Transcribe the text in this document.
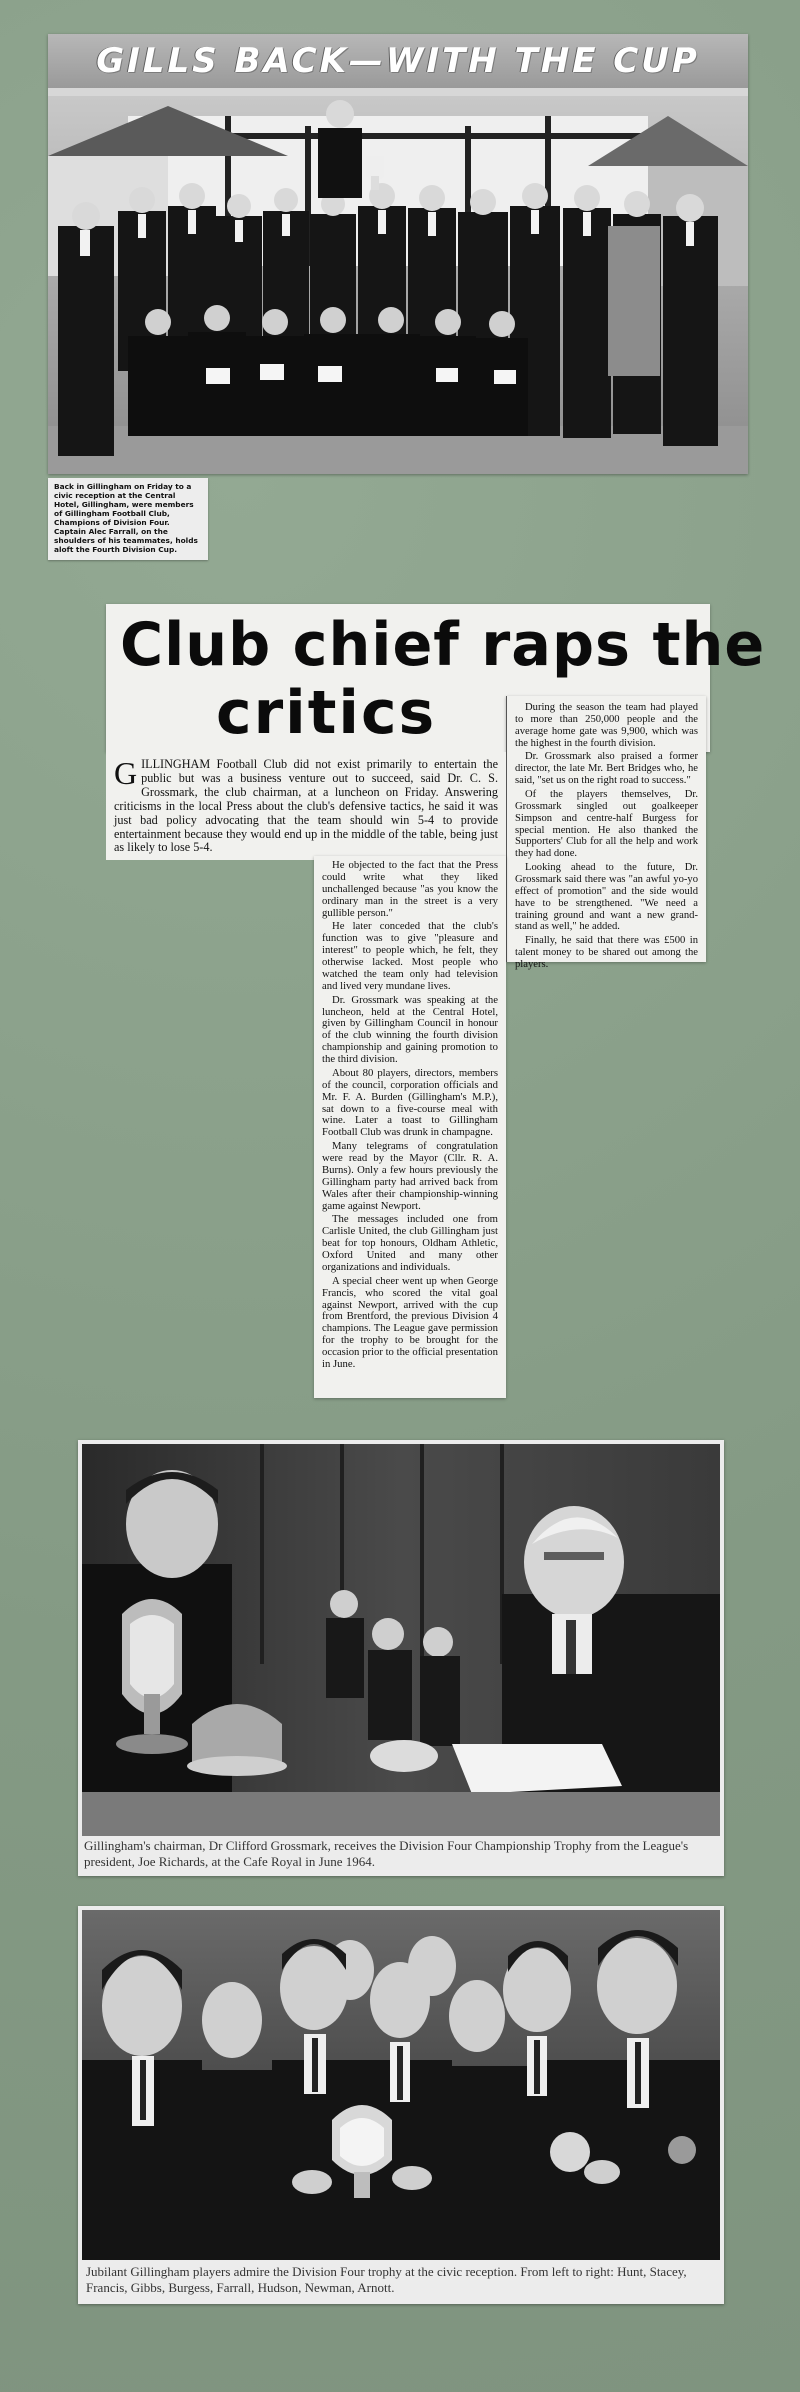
GILLS BACK—WITH THE CUP
Back in Gillingham on Friday to a civic reception at the Central Hotel, Gillingham, were members of Gillingham Football Club, Champions of Division Four. Captain Alec Farrall, on the shoulders of his teammates, holds aloft the Fourth Division Cup.
Club chief raps the
critics	During the season the team had played to more than 250,000 people and the average home gate was 9,900, which was the highest in the fourth division.

Dr. Grossmark also praised a former director, the late Mr. Bert Bridges who, he said, "set us on the right road to success."

Of the players themselves, Dr. Grossmark singled out goalkeeper Simpson and centre-half Burgess for special mention. He also thanked the Supporters' Club for all the help and work they had done.

Looking ahead to the future, Dr. Grossmark said there was "an awful yo-yo effect of promotion" and the side would have to be strengthened. "We need a training ground and want a new grand-stand as well," he added.

Finally, he said that there was £500 in talent money to be shared out among the players.

GILLINGHAM Football Club did not exist primarily to entertain the public but was a business venture out to succeed, said Dr. C. S. Grossmark, the club chairman, at a luncheon on Friday. Answering criticisms in the local Press about the club's defensive tactics, he said it was just bad policy advocating that the team should win 5-4 to provide entertainment because they would end up in the middle of the table, being just as likely to lose 5-4.

He objected to the fact that the Press could write what they liked unchallenged because "as you know the ordinary man in the street is a very gullible person."

He later conceded that the club's function was to give "pleasure and interest" to people which, he felt, they otherwise lacked. Most people who watched the team only had television and lived very mundane lives.

Dr. Grossmark was speaking at the luncheon, held at the Central Hotel, given by Gillingham Council in honour of the club winning the fourth division championship and gaining promotion to the third division.

About 80 players, directors, members of the council, corporation officials and Mr. F. A. Burden (Gillingham's M.P.), sat down to a five-course meal with wine. Later a toast to Gillingham Football Club was drunk in champagne.

Many telegrams of congratulation were read by the Mayor (Cllr. R. A. Burns). Only a few hours previously the Gillingham party had arrived back from Wales after their championship-winning game against Newport.

The messages included one from Carlisle United, the club Gillingham just beat for top honours, Oldham Athletic, Oxford United and many other organizations and individuals.

A special cheer went up when George Francis, who scored the vital goal against Newport, arrived with the cup from Brentford, the previous Division 4 champions. The League gave permission for the trophy to be brought for the occasion prior to the official presentation in June.

Gillingham's chairman, Dr Clifford Grossmark, receives the Division Four Championship Trophy from the League's president, Joe Richards, at the Cafe Royal in June 1964.
Jubilant Gillingham players admire the Division Four trophy at the civic reception. From left to right: Hunt, Stacey, Francis, Gibbs, Burgess, Farrall, Hudson, Newman, Arnott.
